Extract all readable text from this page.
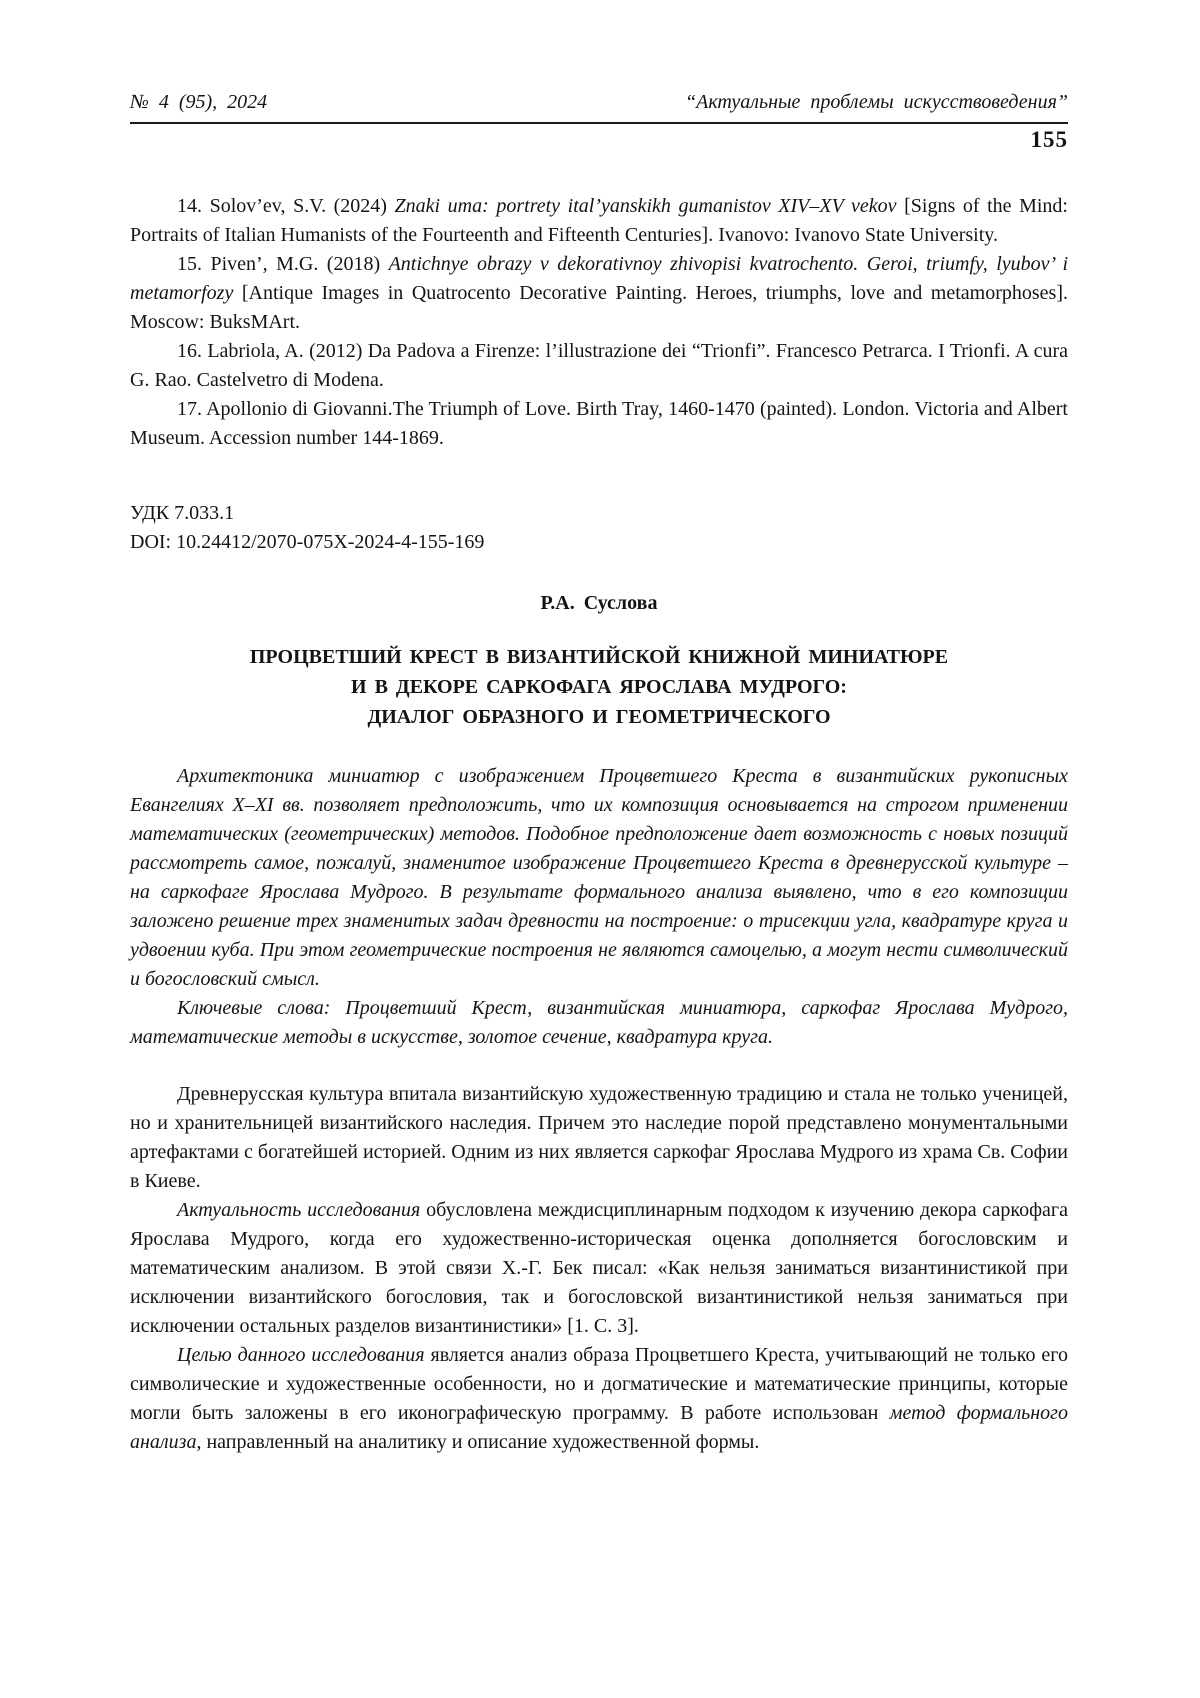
№ 4 (95), 2024	“Актуальные проблемы искусствоведения”
155

14. Solov’ev, S.V. (2024) Znaki uma: portrety ital’yanskikh gumanistov XIV–XV vekov [Signs of the Mind: Portraits of Italian Humanists of the Fourteenth and Fifteenth Centuries]. Ivanovo: Ivanovo State University.

15. Piven’, M.G. (2018) Antichnye obrazy v dekorativnoy zhivopisi kvatrochento. Geroi, triumfy, lyubov’ i metamorfozy [Antique Images in Quatrocento Decorative Painting. Heroes, triumphs, love and metamorphoses]. Moscow: BuksMArt.

16. Labriola, A. (2012) Da Padova a Firenze: l’illustrazione dei “Trionfi”. Francesco Petrarca. I Trionfi. A cura G. Rao. Castelvetro di Modena.

17. Apollonio di Giovanni.The Triumph of Love. Birth Tray, 1460-1470 (painted). London. Victoria and Albert Museum. Accession number 144-1869.

УДК 7.033.1
DOI: 10.24412/2070-075X-2024-4-155-169
Р.А. Суслова
ПРОЦВЕТШИЙ КРЕСТ В ВИЗАНТИЙСКОЙ КНИЖНОЙ МИНИАТЮРЕ
И В ДЕКОРЕ САРКОФАГА ЯРОСЛАВА МУДРОГО:
ДИАЛОГ ОБРАЗНОГО И ГЕОМЕТРИЧЕСКОГО

Архитектоника миниатюр с изображением Процветшего Креста в византийских рукописных Евангелиях X–XI вв. позволяет предположить, что их композиция основывается на строгом применении математических (геометрических) методов. Подобное предположение дает возможность с новых позиций рассмотреть самое, пожалуй, знаменитое изображение Процветшего Креста в древнерусской культуре – на саркофаге Ярослава Мудрого. В результате формального анализа выявлено, что в его композиции заложено решение трех знаменитых задач древности на построение: о трисекции угла, квадратуре круга и удвоении куба. При этом геометрические построения не являются самоцелью, а могут нести символический и богословский смысл.

Ключевые слова: Процветший Крест, византийская миниатюра, саркофаг Ярослава Мудрого, математические методы в искусстве, золотое сечение, квадратура круга.

Древнерусская культура впитала византийскую художественную традицию и стала не только ученицей, но и хранительницей византийского наследия. Причем это наследие порой представлено монументальными артефактами с богатейшей историей. Одним из них является саркофаг Ярослава Мудрого из храма Св. Софии в Киеве.

Актуальность исследования обусловлена междисциплинарным подходом к изучению декора саркофага Ярослава Мудрого, когда его художественно-историческая оценка дополняется богословским и математическим анализом. В этой связи Х.-Г. Бек писал: «Как нельзя заниматься византинистикой при исключении византийского богословия, так и богословской византинистикой нельзя заниматься при исключении остальных разделов византинистики» [1. С. 3].

Целью данного исследования является анализ образа Процветшего Креста, учитывающий не только его символические и художественные особенности, но и догматические и математические принципы, которые могли быть заложены в его иконографическую программу. В работе использован метод формального анализа, направленный на аналитику и описание художественной формы.
